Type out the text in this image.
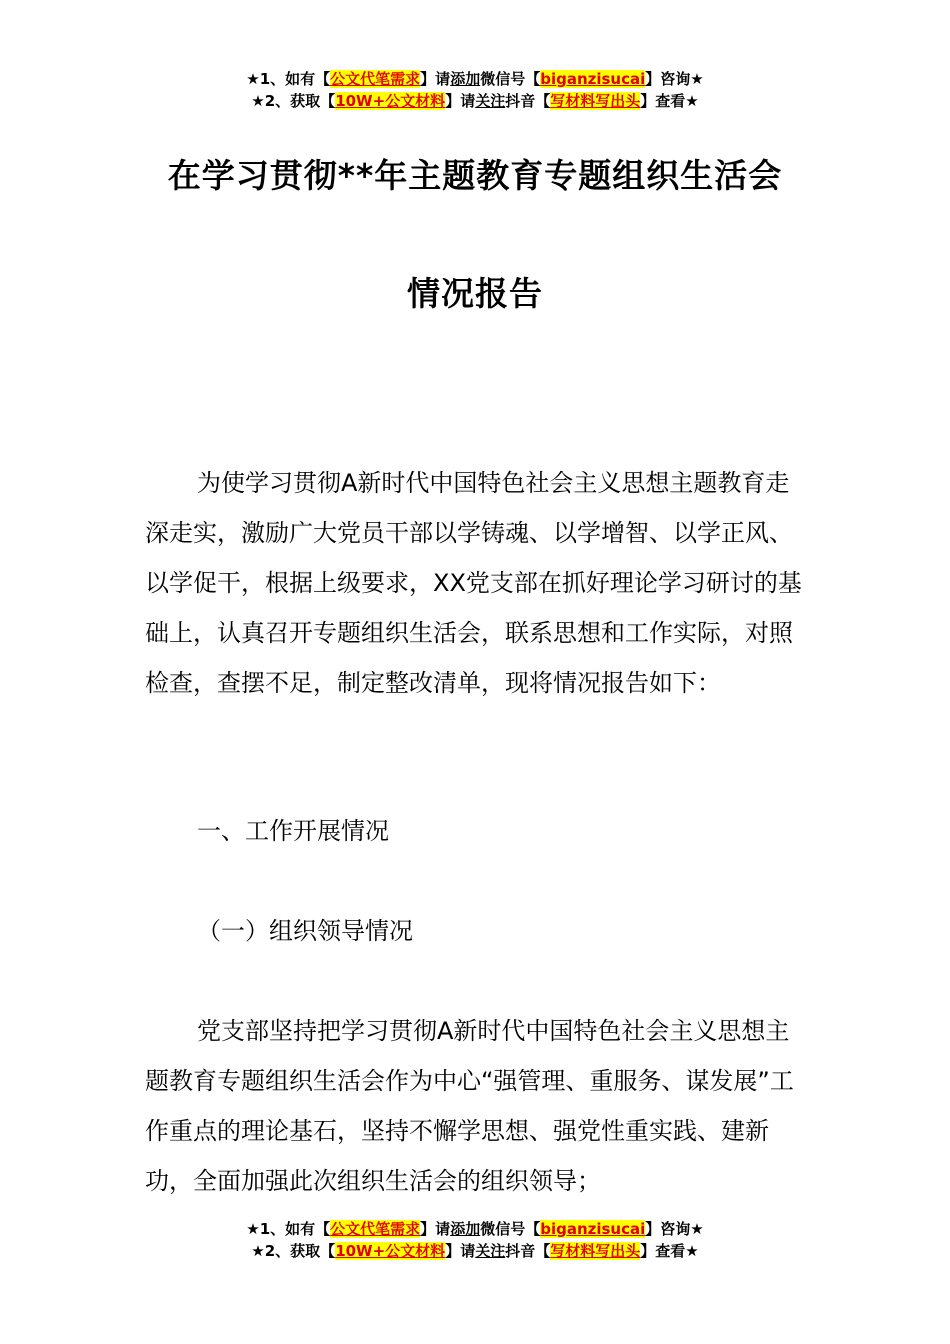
★1、如有【公文代笔需求】请添加微信号【biganzisucai】咨询★
★2、获取【10W+公文材料】请关注抖音【写材料写出头】查看★
在学习贯彻**年主题教育专题组织生活会
情况报告
为使学习贯彻A新时代中国特色社会主义思想主题教育走深走实，激励广大党员干部以学铸魂、以学增智、以学正风、以学促干，根据上级要求，XX党支部在抓好理论学习研讨的基础上，认真召开专题组织生活会，联系思想和工作实际，对照检查，查摆不足，制定整改清单，现将情况报告如下：
一、工作开展情况
（一）组织领导情况
党支部坚持把学习贯彻A新时代中国特色社会主义思想主题教育专题组织生活会作为中心“强管理、重服务、谋发展”工作重点的理论基石，坚持不懈学思想、强党性重实践、建新功，全面加强此次组织生活会的组织领导；
★1、如有【公文代笔需求】请添加微信号【biganzisucai】咨询★
★2、获取【10W+公文材料】请关注抖音【写材料写出头】查看★
